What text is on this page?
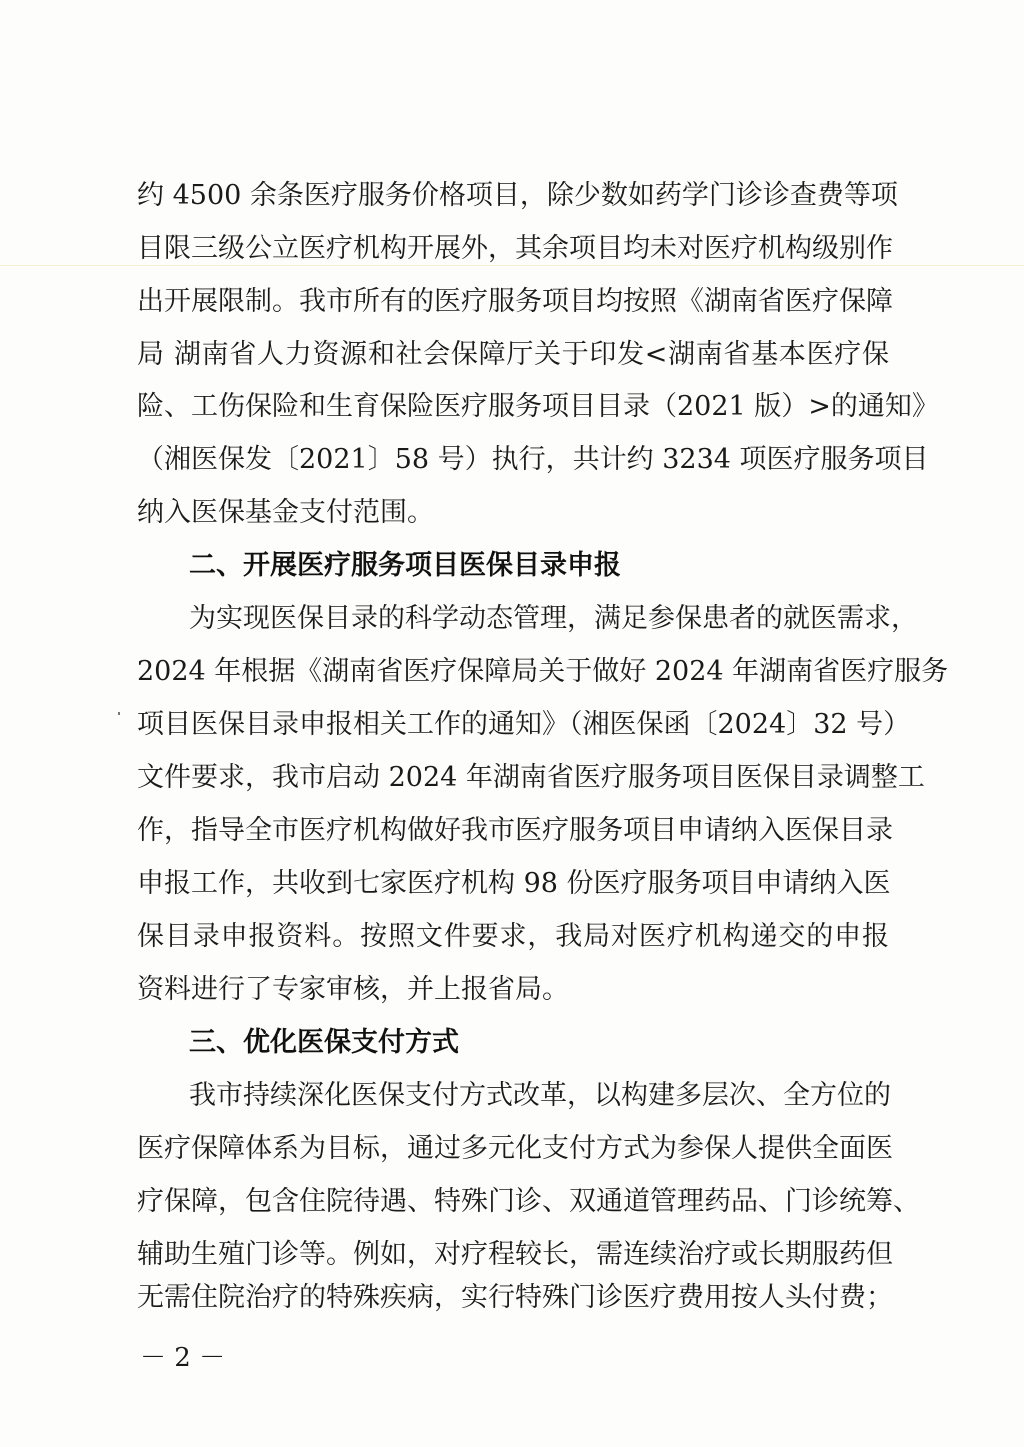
约 4500 余条医疗服务价格项目，除少数如药学门诊诊查费等项
目限三级公立医疗机构开展外，其余项目均未对医疗机构级别作
出开展限制。我市所有的医疗服务项目均按照《湖南省医疗保障
局 湖南省人力资源和社会保障厅关于印发<湖南省基本医疗保
险、工伤保险和生育保险医疗服务项目目录（2021 版）>的通知》
（湘医保发〔2021〕58 号）执行，共计约 3234 项医疗服务项目
纳入医保基金支付范围。
二、开展医疗服务项目医保目录申报
为实现医保目录的科学动态管理，满足参保患者的就医需求，
2024 年根据《湖南省医疗保障局关于做好 2024 年湖南省医疗服务
项目医保目录申报相关工作的通知》（湘医保函〔2024〕32 号）
文件要求，我市启动 2024 年湖南省医疗服务项目医保目录调整工
作，指导全市医疗机构做好我市医疗服务项目申请纳入医保目录
申报工作，共收到七家医疗机构 98 份医疗服务项目申请纳入医
保目录申报资料。按照文件要求，我局对医疗机构递交的申报
资料进行了专家审核，并上报省局。
三、优化医保支付方式
我市持续深化医保支付方式改革，以构建多层次、全方位的
医疗保障体系为目标，通过多元化支付方式为参保人提供全面医
疗保障，包含住院待遇、特殊门诊、双通道管理药品、门诊统筹、
辅助生殖门诊等。例如，对疗程较长，需连续治疗或长期服药但
无需住院治疗的特殊疾病，实行特殊门诊医疗费用按人头付费；
－ 2 －
